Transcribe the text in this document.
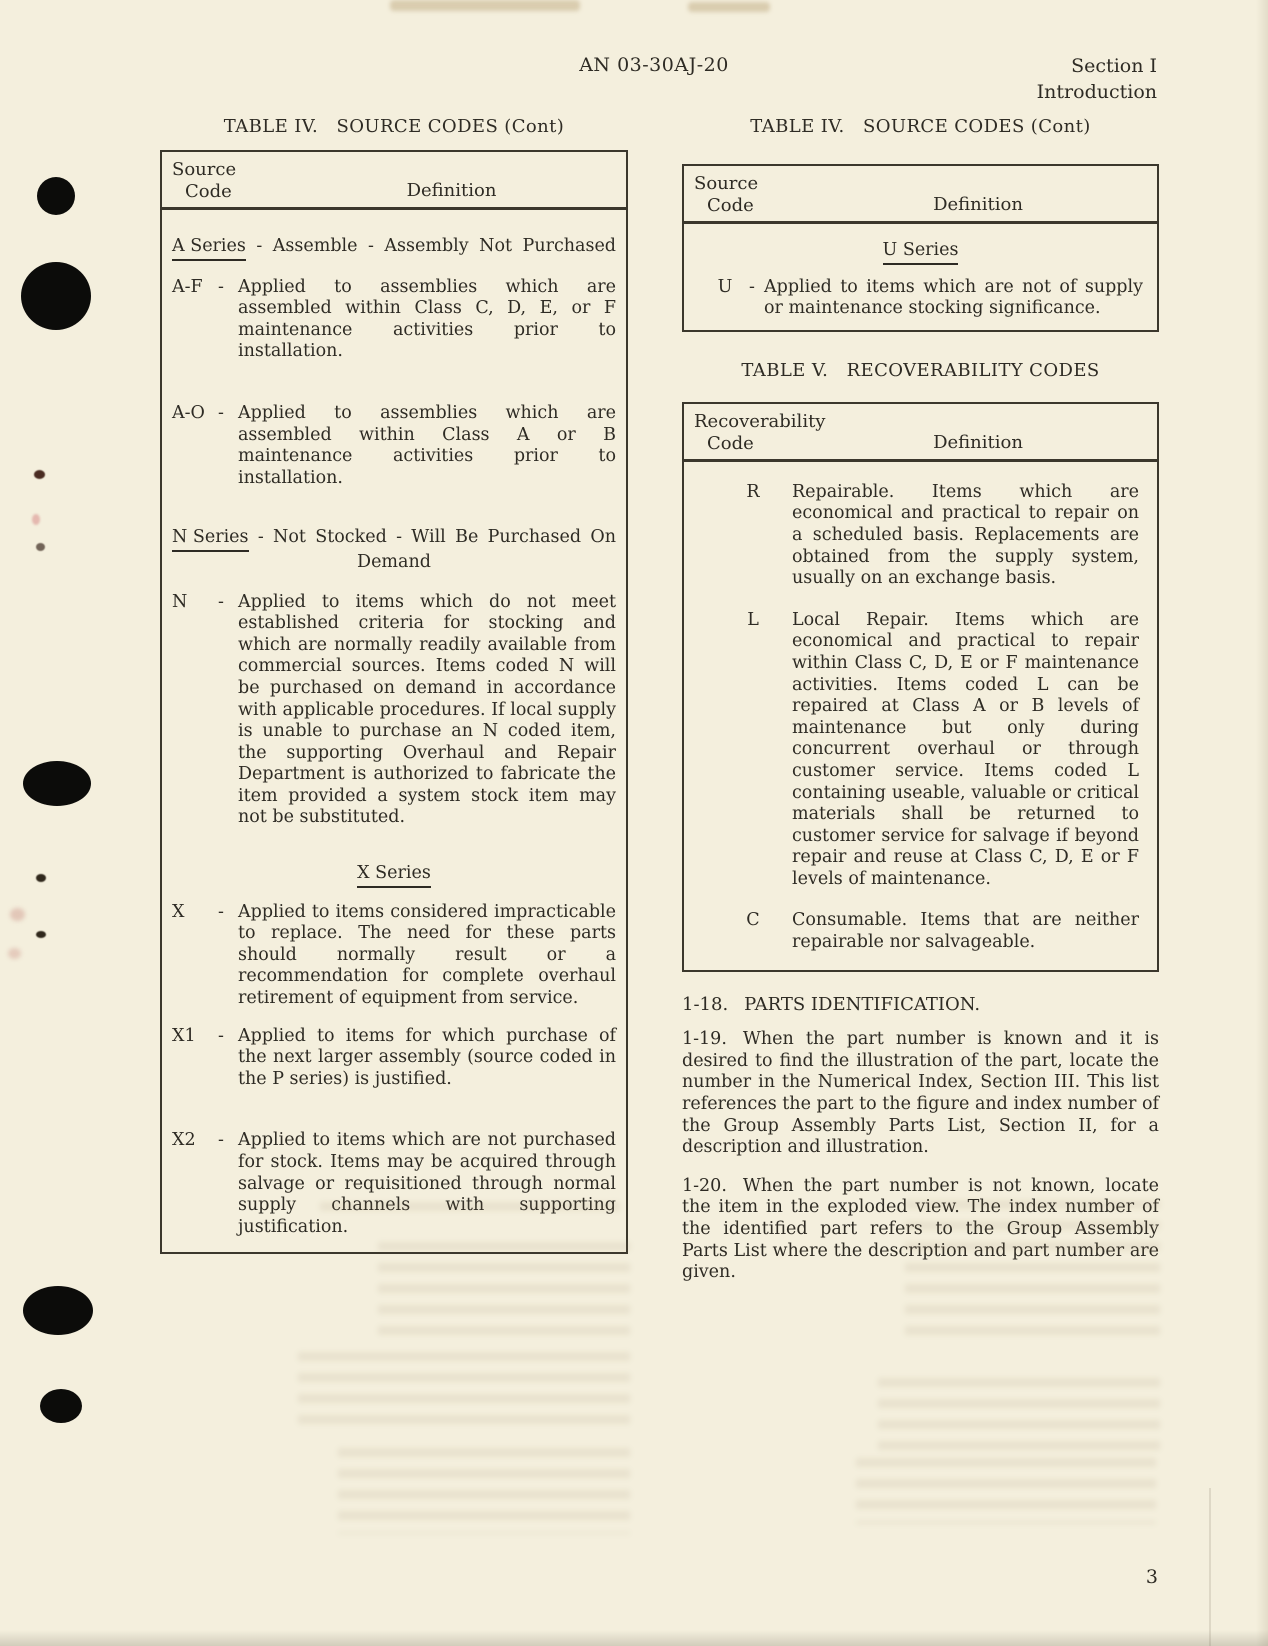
AN 03-30AJ-20	Section I
Introduction
TABLE IV.   SOURCE CODES (Cont)
Source
Code	Definition
A Series - Assemble - Assembly Not Purchased
A-F - Applied to assemblies which are assembled within Class C, D, E, or F maintenance activities prior to installation.
A-O - Applied to assemblies which are assembled within Class A or B maintenance activities prior to installation.
N Series - Not Stocked - Will Be Purchased On
Demand
N	- Applied to items which do not meet established criteria for stocking and which are normally readily available from commercial sources. Items coded N will be purchased on demand in accordance with applicable procedures. If local supply is unable to purchase an N coded item, the supporting Overhaul and Repair Department is authorized to fabricate the item provided a system stock item may not be substituted.
X Series
X	- Applied to items considered impracticable to replace. The need for these parts should normally result or a recommendation for complete overhaul retirement of equipment from service.
X1	- Applied to items for which purchase of the next larger assembly (source coded in the P series) is justified.
X2	- Applied to items which are not purchased for stock. Items may be acquired through salvage or requisitioned through normal supply channels with supporting justification.
TABLE IV.   SOURCE CODES (Cont)
Source
Code	Definition
U Series
U - Applied to items which are not of supply or maintenance stocking significance.
TABLE V.   RECOVERABILITY CODES
Recoverability
Code	Definition
R	Repairable. Items which are economical and practical to repair on a scheduled basis. Replacements are obtained from the supply system, usually on an exchange basis.
L	Local Repair. Items which are economical and practical to repair within Class C, D, E or F maintenance activities. Items coded L can be repaired at Class A or B levels of maintenance but only during concurrent overhaul or through customer service. Items coded L containing useable, valuable or critical materials shall be returned to customer service for salvage if beyond repair and reuse at Class C, D, E or F levels of maintenance.
C	Consumable. Items that are neither repairable nor salvageable.
1-18. PARTS IDENTIFICATION.
1-19. When the part number is known and it is desired to find the illustration of the part, locate the number in the Numerical Index, Section III. This list references the part to the figure and index number of the Group Assembly Parts List, Section II, for a description and illustration.
1-20. When the part number is not known, locate the item in the exploded view. The index number of the identified part refers to the Group Assembly Parts List where the description and part number are given.
3
